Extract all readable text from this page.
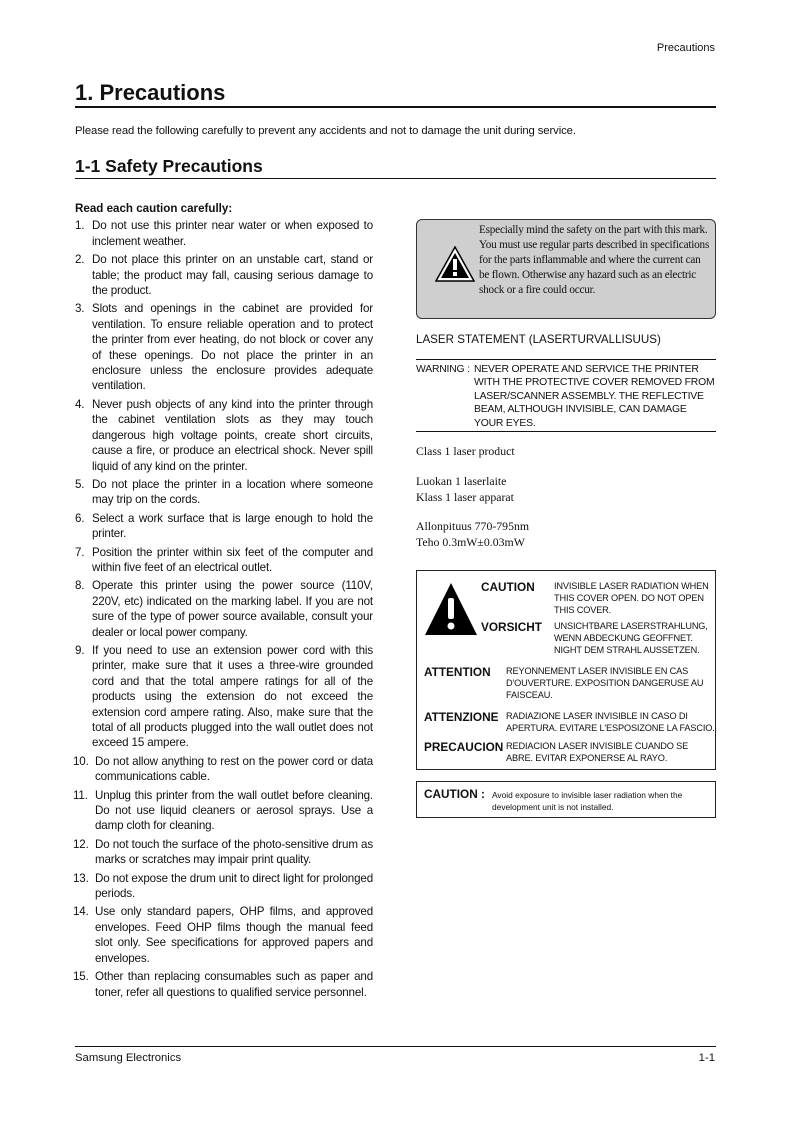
Precautions
1. Precautions
Please read the following carefully to prevent any accidents and not to damage the unit during service.
1-1 Safety Precautions
Read each caution carefully:
1. Do not use this printer near water or when exposed to inclement weather.
2. Do not place this printer on an unstable cart, stand or table; the product may fall, causing serious damage to the product.
3. Slots and openings in the cabinet are provided for ventilation. To ensure reliable operation and to protect the printer from ever heating, do not block or cover any of these openings. Do not place the printer in an enclosure unless the enclosure provides adequate ventilation.
4. Never push objects of any kind into the printer through the cabinet ventilation slots as they may touch dangerous high voltage points, create short circuits, cause a fire, or produce an electrical shock. Never spill liquid of any kind on the printer.
5. Do not place the printer in a location where someone may trip on the cords.
6. Select a work surface that is large enough to hold the printer.
7. Position the printer within six feet of the computer and within five feet of an electrical outlet.
8. Operate this printer using the power source (110V, 220V, etc) indicated on the marking label. If you are not sure of the type of power source available, consult your dealer or local power company.
9. If you need to use an extension power cord with this printer, make sure that it uses a three-wire grounded cord and that the total ampere ratings for all of the products using the extension do not exceed the extension cord ampere rating. Also, make sure that the total of all products plugged into the wall outlet does not exceed 15 ampere.
10. Do not allow anything to rest on the power cord or data communications cable.
11. Unplug this printer from the wall outlet before cleaning. Do not use liquid cleaners or aerosol sprays. Use a damp cloth for cleaning.
12. Do not touch the surface of the photo-sensitive drum as marks or scratches may impair print quality.
13. Do not expose the drum unit to direct light for prolonged periods.
14. Use only standard papers, OHP films, and approved envelopes. Feed OHP films though the manual feed slot only. See specifications for approved papers and envelopes.
15. Other than replacing consumables such as paper and toner, refer all questions to qualified service personnel.
Especially mind the safety on the part with this mark.
You must use regular parts described in specifications for the parts inflammable and where the current can be flown. Otherwise any hazard such as an electric shock or a fire could occur.
LASER STATEMENT (LASERTURVALLISUUS)
WARNING : NEVER OPERATE AND SERVICE THE PRINTER
WITH THE PROTECTIVE COVER REMOVED FROM LASER/SCANNER ASSEMBLY. THE REFLECTIVE BEAM, ALTHOUGH INVISIBLE, CAN DAMAGE YOUR EYES.
Class 1 laser product
Luokan 1 laserlaite
Klass 1 laser apparat
Allonpituus 770-795nm
Teho 0.3mW±0.03mW
CAUTION INVISIBLE LASER RADIATION WHEN THIS COVER OPEN. DO NOT OPEN THIS COVER.
VORSICHT UNSICHTBARE LASERSTRAHLUNG, WENN ABDECKUNG GEOFFNET. NIGHT DEM STRAHL AUSSETZEN.
ATTENTION REYONNEMENT LASER INVISIBLE EN CAS D'OUVERTURE. EXPOSITION DANGERUSE AU FAISCEAU.
ATTENZIONE RADIAZIONE LASER INVISIBLE IN CASO DI APERTURA. EVITARE L'ESPOSIZONE LA FASCIO.
PRECAUCION REDIACION LASER INVISIBLE CUANDO SE ABRE. EVITAR EXPONERSE AL RAYO.
CAUTION : Avoid exposure to invisible laser radiation when the development unit is not installed.
Samsung Electronics	1-1
